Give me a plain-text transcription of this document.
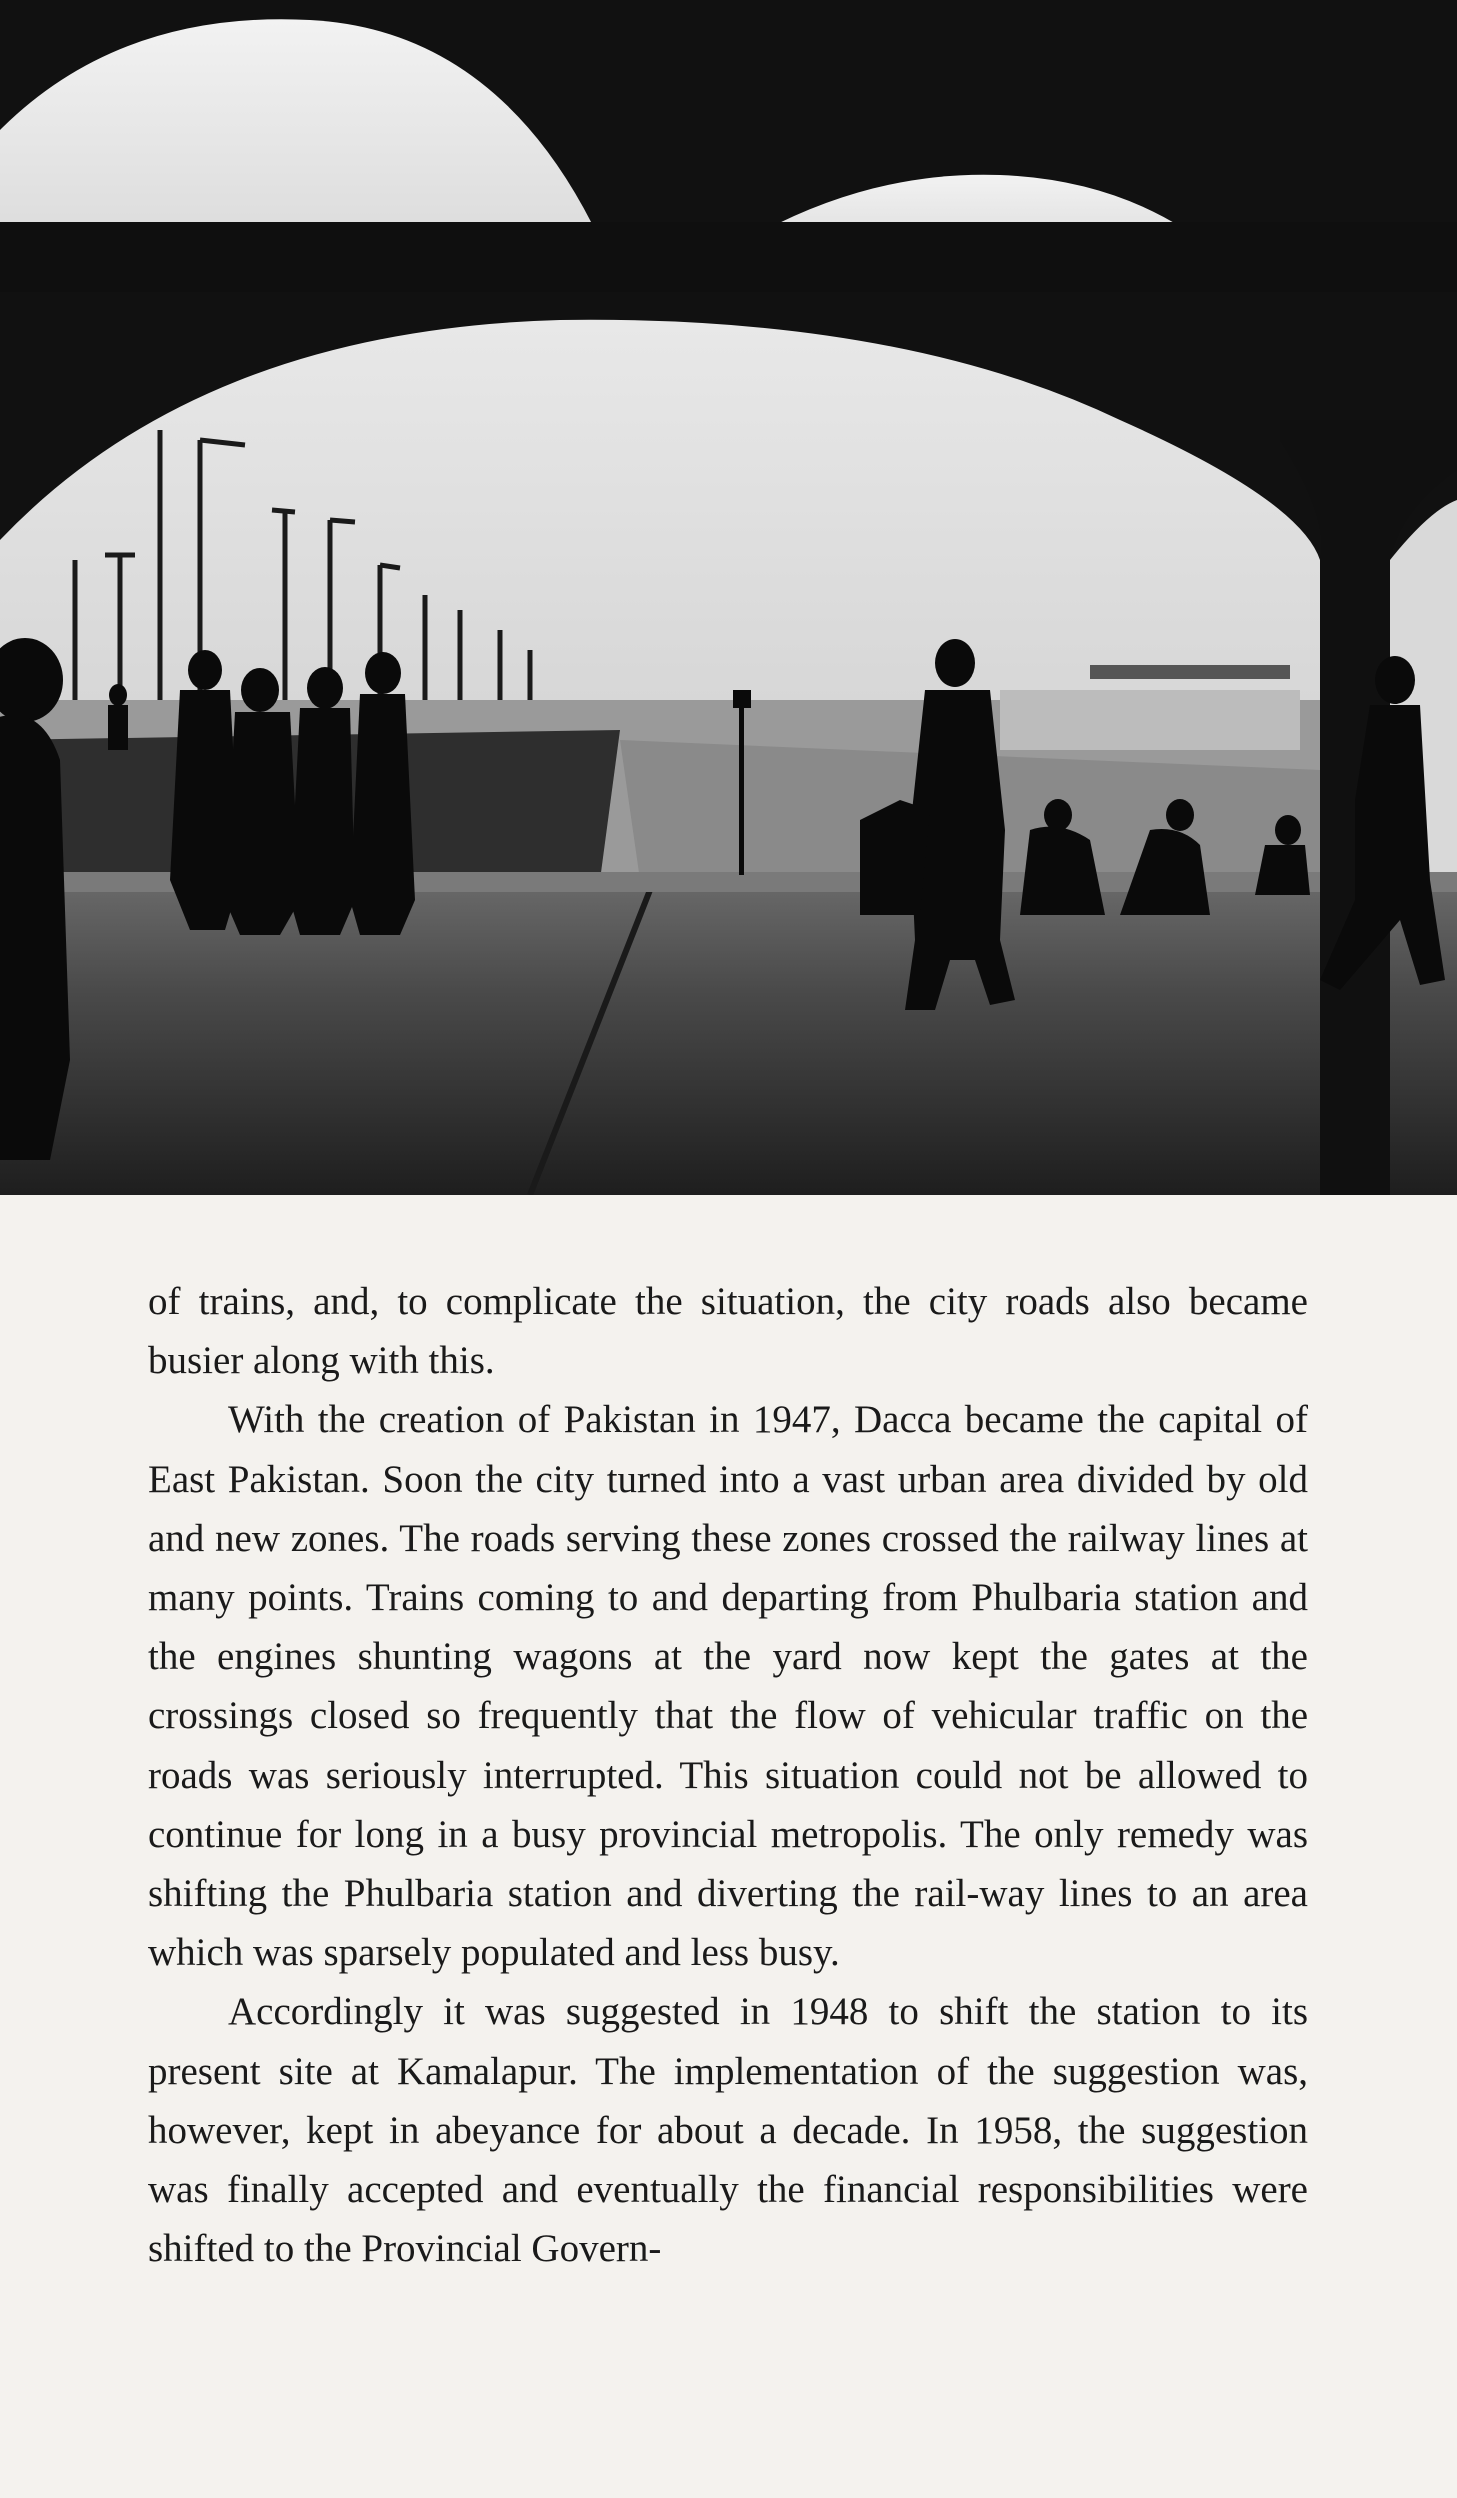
of trains, and, to complicate the situation, the city roads also became busier along with this.

With the creation of Pakistan in 1947, Dacca became the capital of East Pakistan. Soon the city turned into a vast urban area divided by old and new zones. The roads serving these zones crossed the railway lines at many points. Trains coming to and departing from Phulbaria station and the engines shunting wagons at the yard now kept the gates at the crossings closed so frequently that the flow of vehicular traffic on the roads was seriously interrupted. This situation could not be allowed to continue for long in a busy provincial metropolis. The only remedy was shifting the Phulbaria station and diverting the rail-way lines to an area which was sparsely populated and less busy.

Accordingly it was suggested in 1948 to shift the station to its present site at Kamalapur. The implementation of the suggestion was, however, kept in abeyance for about a decade. In 1958, the suggestion was finally accepted and eventually the financial responsibilities were shifted to the Provincial Govern-
